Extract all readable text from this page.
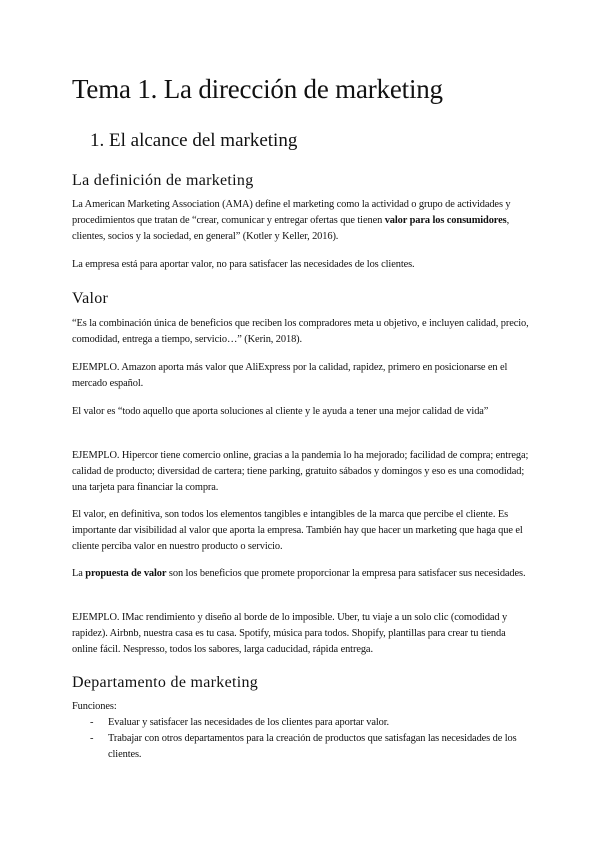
Tema 1. La dirección de marketing
1. El alcance del marketing
La definición de marketing

La American Marketing Association (AMA) define el marketing como la actividad o grupo de actividades y procedimientos que tratan de “crear, comunicar y entregar ofertas que tienen valor para los consumidores, clientes, socios y la sociedad, en general” (Kotler y Keller, 2016).

La empresa está para aportar valor, no para satisfacer las necesidades de los clientes.

Valor

“Es la combinación única de beneficios que reciben los compradores meta u objetivo, e incluyen calidad, precio, comodidad, entrega a tiempo, servicio…” (Kerin, 2018).

EJEMPLO. Amazon aporta más valor que AliExpress por la calidad, rapidez, primero en posicionarse en el mercado español.

El valor es “todo aquello que aporta soluciones al cliente y le ayuda a tener una mejor calidad de vida”

EJEMPLO. Hipercor tiene comercio online, gracias a la pandemia lo ha mejorado; facilidad de compra; entrega; calidad de producto; diversidad de cartera; tiene parking, gratuito sábados y domingos y eso es una comodidad; una tarjeta para financiar la compra.

El valor, en definitiva, son todos los elementos tangibles e intangibles de la marca que percibe el cliente. Es importante dar visibilidad al valor que aporta la empresa. También hay que hacer un marketing que haga que el cliente perciba valor en nuestro producto o servicio.

La propuesta de valor son los beneficios que promete proporcionar la empresa para satisfacer sus necesidades.

EJEMPLO. IMac rendimiento y diseño al borde de lo imposible. Uber, tu viaje a un solo clic (comodidad y rapidez). Airbnb, nuestra casa es tu casa. Spotify, música para todos. Shopify, plantillas para crear tu tienda online fácil. Nespresso, todos los sabores, larga caducidad, rápida entrega.

Departamento de marketing

Funciones:

- Evaluar y satisfacer las necesidades de los clientes para aportar valor.
- Trabajar con otros departamentos para la creación de productos que satisfagan las necesidades de los clientes.
